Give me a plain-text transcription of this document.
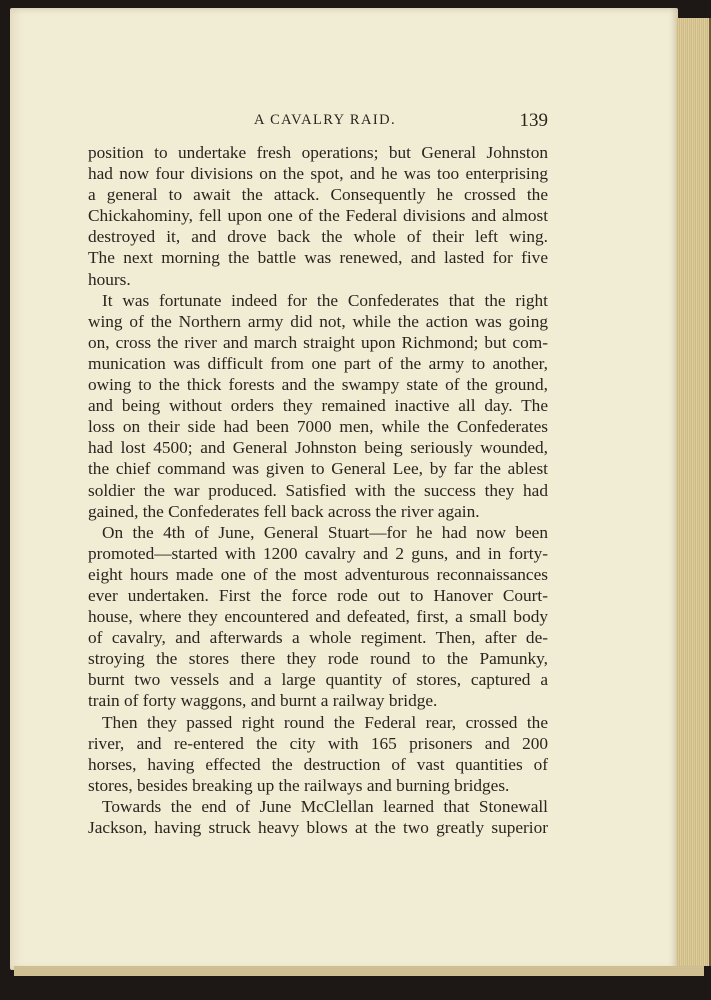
A CAVALRY RAID.	139
position to undertake fresh operations; but General Johnston
had now four divisions on the spot, and he was too enterprising
a general to await the attack. Consequently he crossed the
Chickahominy, fell upon one of the Federal divisions and almost
destroyed it, and drove back the whole of their left wing.
The next morning the battle was renewed, and lasted for five
hours.
It was fortunate indeed for the Confederates that the right
wing of the Northern army did not, while the action was going
on, cross the river and march straight upon Richmond; but com-
munication was difficult from one part of the army to another,
owing to the thick forests and the swampy state of the ground,
and being without orders they remained inactive all day. The
loss on their side had been 7000 men, while the Confederates
had lost 4500; and General Johnston being seriously wounded,
the chief command was given to General Lee, by far the ablest
soldier the war produced. Satisfied with the success they had
gained, the Confederates fell back across the river again.
On the 4th of June, General Stuart—for he had now been
promoted—started with 1200 cavalry and 2 guns, and in forty-
eight hours made one of the most adventurous reconnaissances
ever undertaken. First the force rode out to Hanover Court-
house, where they encountered and defeated, first, a small body
of cavalry, and afterwards a whole regiment. Then, after de-
stroying the stores there they rode round to the Pamunky,
burnt two vessels and a large quantity of stores, captured a
train of forty waggons, and burnt a railway bridge.
Then they passed right round the Federal rear, crossed the
river, and re-entered the city with 165 prisoners and 200
horses, having effected the destruction of vast quantities of
stores, besides breaking up the railways and burning bridges.
Towards the end of June McClellan learned that Stonewall
Jackson, having struck heavy blows at the two greatly superior
